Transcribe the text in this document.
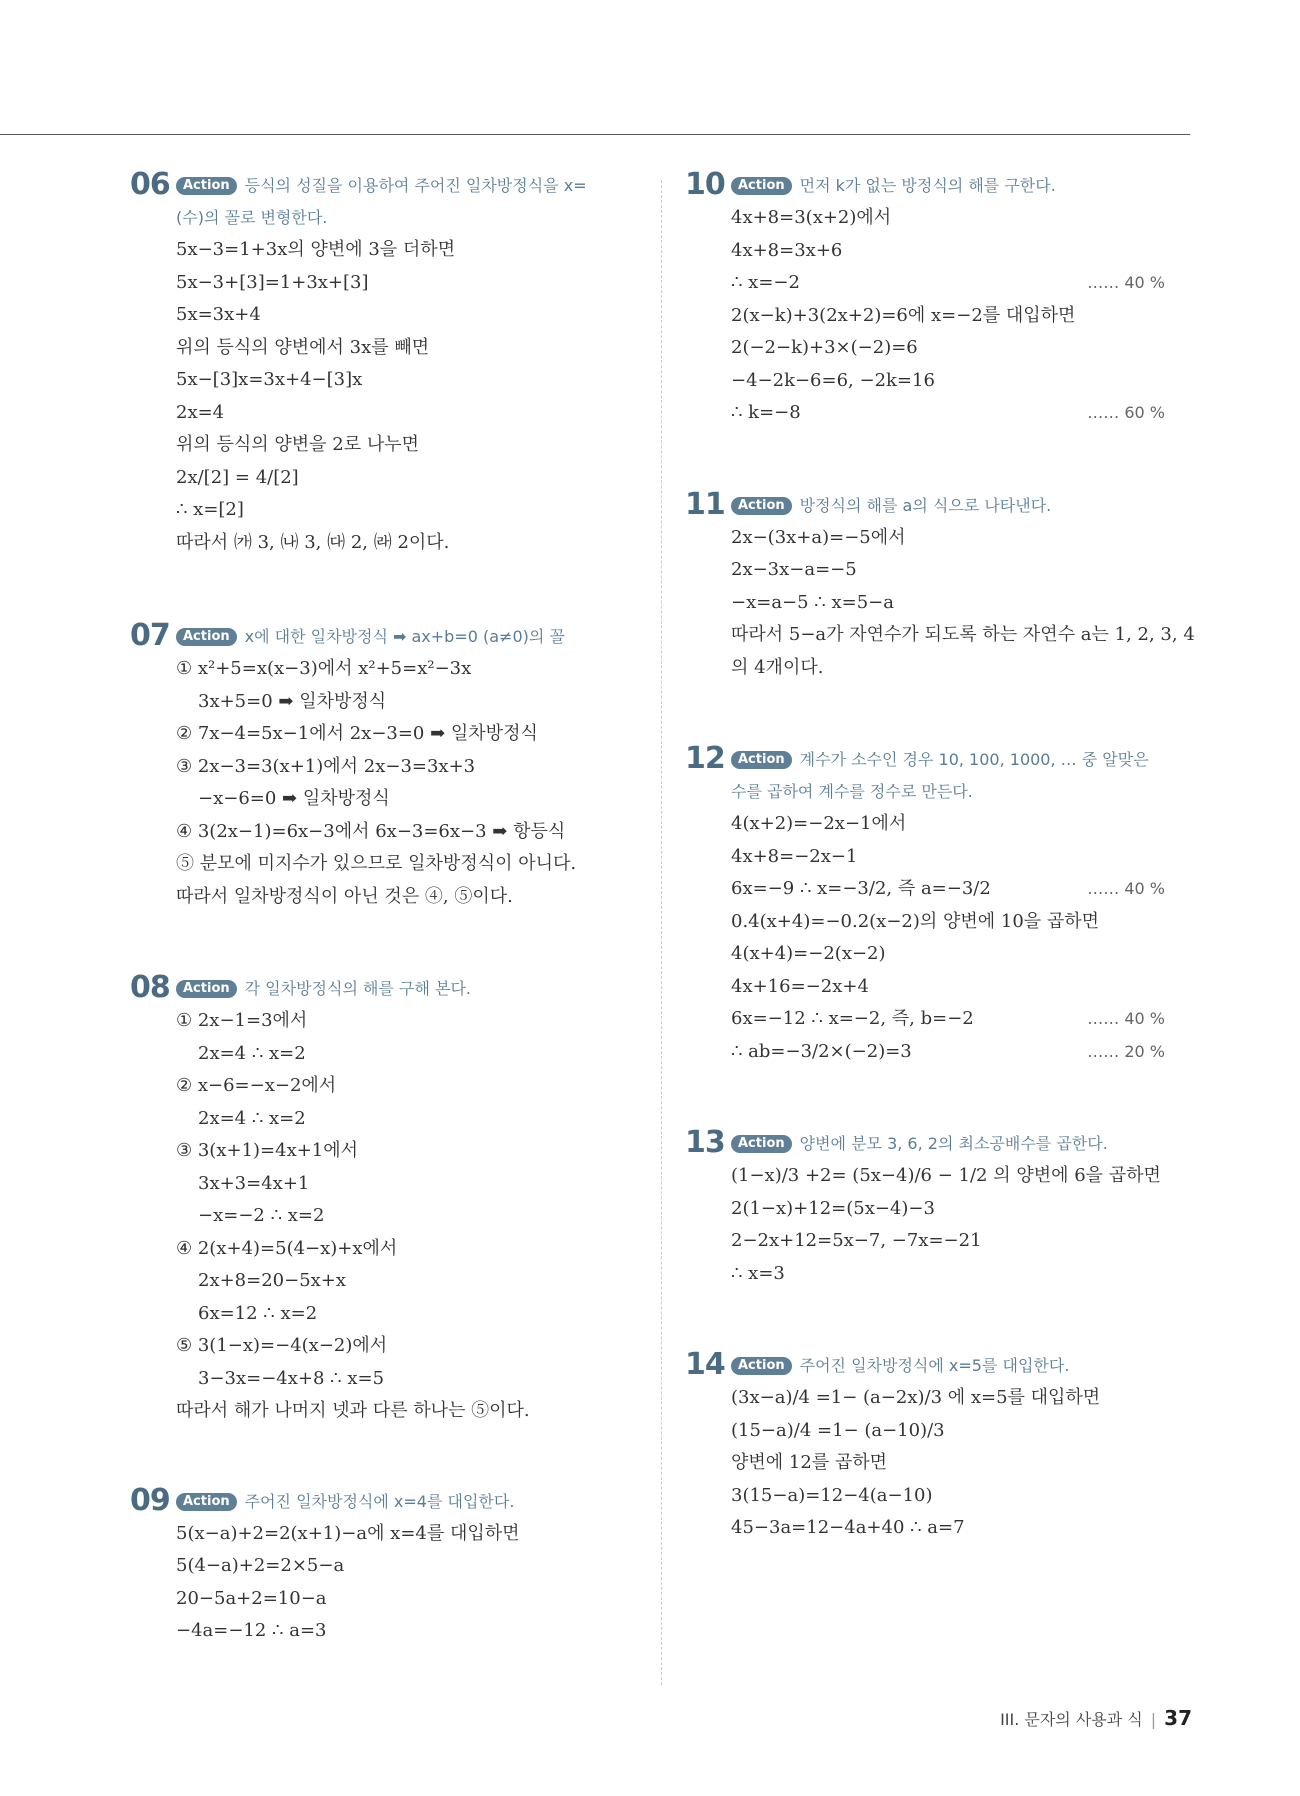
06	Action 등식의 성질을 이용하여 주어진 일차방정식을 x=(수)의 꼴로 변형한다.
5x−3=1+3x의 양변에 3을 더하면
5x−3+[3]=1+3x+[3]
5x=3x+4
위의 등식의 양변에서 3x를 빼면
5x−[3]x=3x+4−[3]x
2x=4
위의 등식의 양변을 2로 나누면
2x/[2] = 4/[2]
∴ x=[2]
따라서 ㈎ 3, ㈏ 3, ㈐ 2, ㈑ 2이다.
07	Action x에 대한 일차방정식 ➡ ax+b=0 (a≠0)의 꼴
① x²+5=x(x−3)에서 x²+5=x²−3x
3x+5=0 ➡ 일차방정식
② 7x−4=5x−1에서 2x−3=0 ➡ 일차방정식
③ 2x−3=3(x+1)에서 2x−3=3x+3
−x−6=0 ➡ 일차방정식
④ 3(2x−1)=6x−3에서 6x−3=6x−3 ➡ 항등식
⑤ 분모에 미지수가 있으므로 일차방정식이 아니다.
따라서 일차방정식이 아닌 것은 ④, ⑤이다.
08	Action 각 일차방정식의 해를 구해 본다.
① 2x−1=3에서
2x=4 ∴ x=2
② x−6=−x−2에서
2x=4 ∴ x=2
③ 3(x+1)=4x+1에서
3x+3=4x+1
−x=−2 ∴ x=2
④ 2(x+4)=5(4−x)+x에서
2x+8=20−5x+x
6x=12 ∴ x=2
⑤ 3(1−x)=−4(x−2)에서
3−3x=−4x+8 ∴ x=5
따라서 해가 나머지 넷과 다른 하나는 ⑤이다.
09	Action 주어진 일차방정식에 x=4를 대입한다.
5(x−a)+2=2(x+1)−a에 x=4를 대입하면
5(4−a)+2=2×5−a
20−5a+2=10−a
−4a=−12 ∴ a=3
10	Action 먼저 k가 없는 방정식의 해를 구한다.
4x+8=3(x+2)에서
4x+8=3x+6
∴ x=−2	…… 40 %
2(x−k)+3(2x+2)=6에 x=−2를 대입하면
2(−2−k)+3×(−2)=6
−4−2k−6=6, −2k=16
∴ k=−8	…… 60 %
11	Action 방정식의 해를 a의 식으로 나타낸다.
2x−(3x+a)=−5에서
2x−3x−a=−5
−x=a−5 ∴ x=5−a
따라서 5−a가 자연수가 되도록 하는 자연수 a는 1, 2, 3, 4
의 4개이다.
12	Action 계수가 소수인 경우 10, 100, 1000, … 중 알맞은 수를 곱하여 계수를 정수로 만든다.
4(x+2)=−2x−1에서
4x+8=−2x−1
6x=−9 ∴ x=−3/2, 즉 a=−3/2	…… 40 %
0.4(x+4)=−0.2(x−2)의 양변에 10을 곱하면
4(x+4)=−2(x−2)
4x+16=−2x+4
6x=−12 ∴ x=−2, 즉, b=−2	…… 40 %
∴ ab=−3/2×(−2)=3	…… 20 %
13	Action 양변에 분모 3, 6, 2의 최소공배수를 곱한다.
(1−x)/3 +2= (5x−4)/6 − 1/2 의 양변에 6을 곱하면
2(1−x)+12=(5x−4)−3
2−2x+12=5x−7, −7x=−21
∴ x=3
14	Action 주어진 일차방정식에 x=5를 대입한다.
(3x−a)/4 =1− (a−2x)/3 에 x=5를 대입하면
(15−a)/4 =1− (a−10)/3
양변에 12를 곱하면
3(15−a)=12−4(a−10)
45−3a=12−4a+40 ∴ a=7
III. 문자의 사용과 식 | 37
